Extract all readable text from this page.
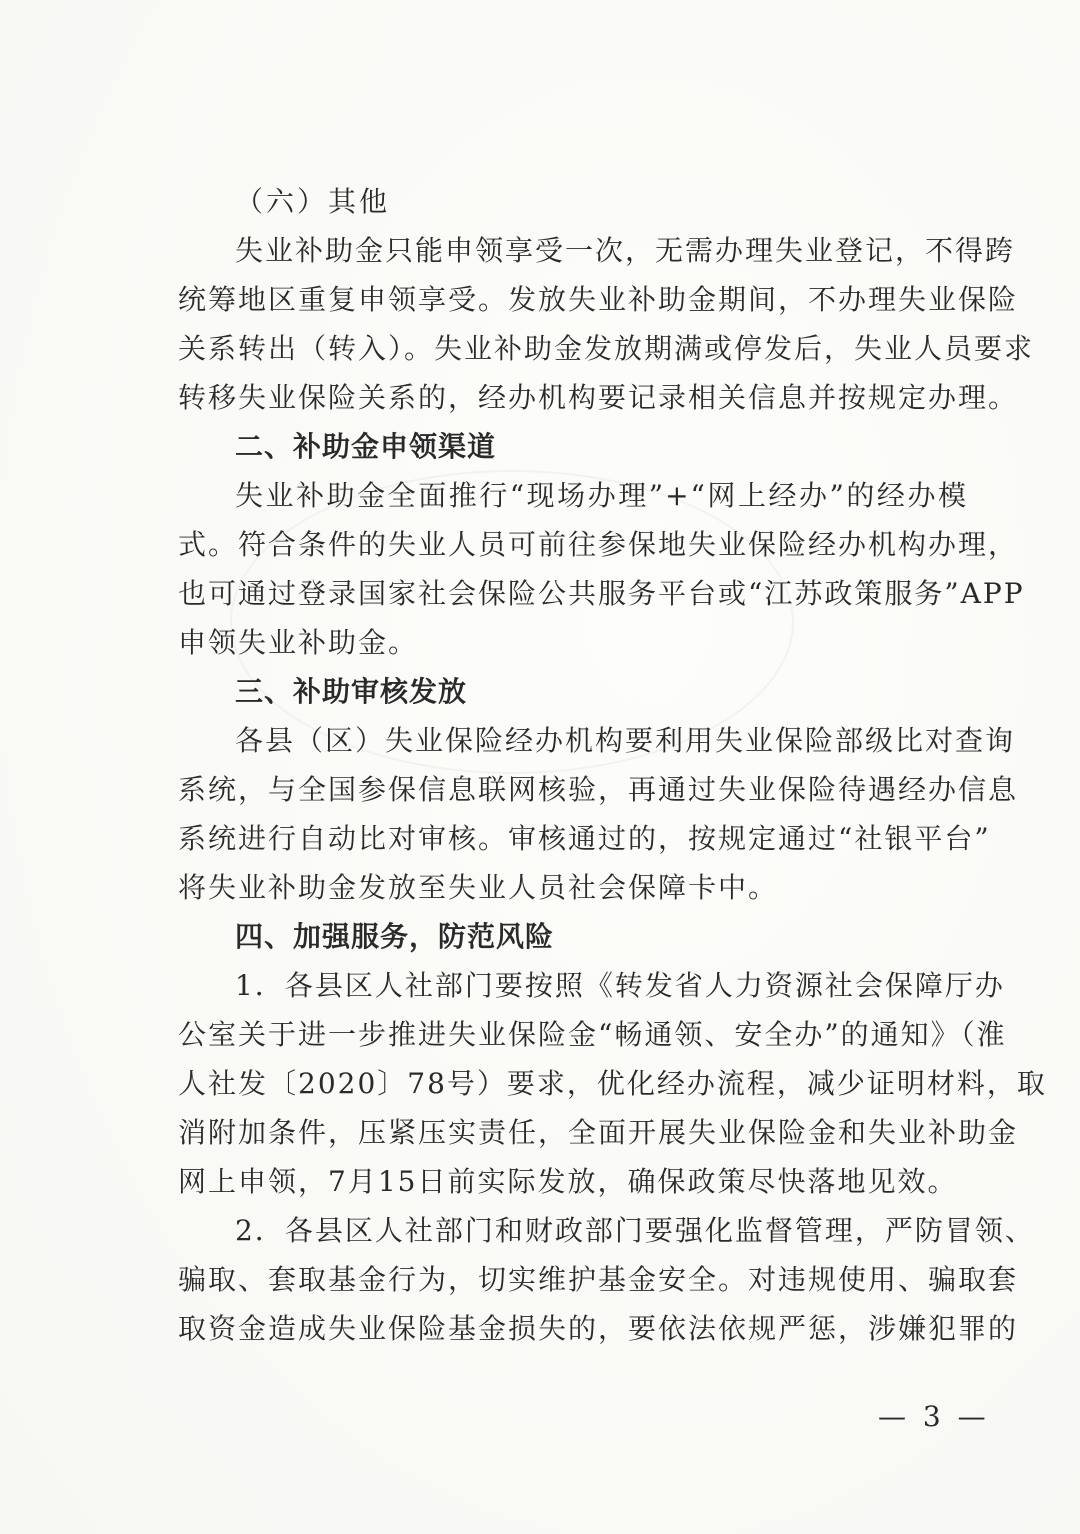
（六）其他
失业补助金只能申领享受一次，无需办理失业登记，不得跨
统筹地区重复申领享受。发放失业补助金期间，不办理失业保险
关系转出（转入）。失业补助金发放期满或停发后，失业人员要求
转移失业保险关系的，经办机构要记录相关信息并按规定办理。
二、补助金申领渠道
失业补助金全面推行“现场办理”+“网上经办”的经办模
式。符合条件的失业人员可前往参保地失业保险经办机构办理，
也可通过登录国家社会保险公共服务平台或“江苏政策服务”APP
申领失业补助金。
三、补助审核发放
各县（区）失业保险经办机构要利用失业保险部级比对查询
系统，与全国参保信息联网核验，再通过失业保险待遇经办信息
系统进行自动比对审核。审核通过的，按规定通过“社银平台”
将失业补助金发放至失业人员社会保障卡中。
四、加强服务，防范风险
1．各县区人社部门要按照《转发省人力资源社会保障厅办
公室关于进一步推进失业保险金“畅通领、安全办”的通知》（淮
人社发〔2020〕78号）要求，优化经办流程，减少证明材料，取
消附加条件，压紧压实责任，全面开展失业保险金和失业补助金
网上申领，7月15日前实际发放，确保政策尽快落地见效。
2．各县区人社部门和财政部门要强化监督管理，严防冒领、
骗取、套取基金行为，切实维护基金安全。对违规使用、骗取套
取资金造成失业保险基金损失的，要依法依规严惩，涉嫌犯罪的
— 3 —
